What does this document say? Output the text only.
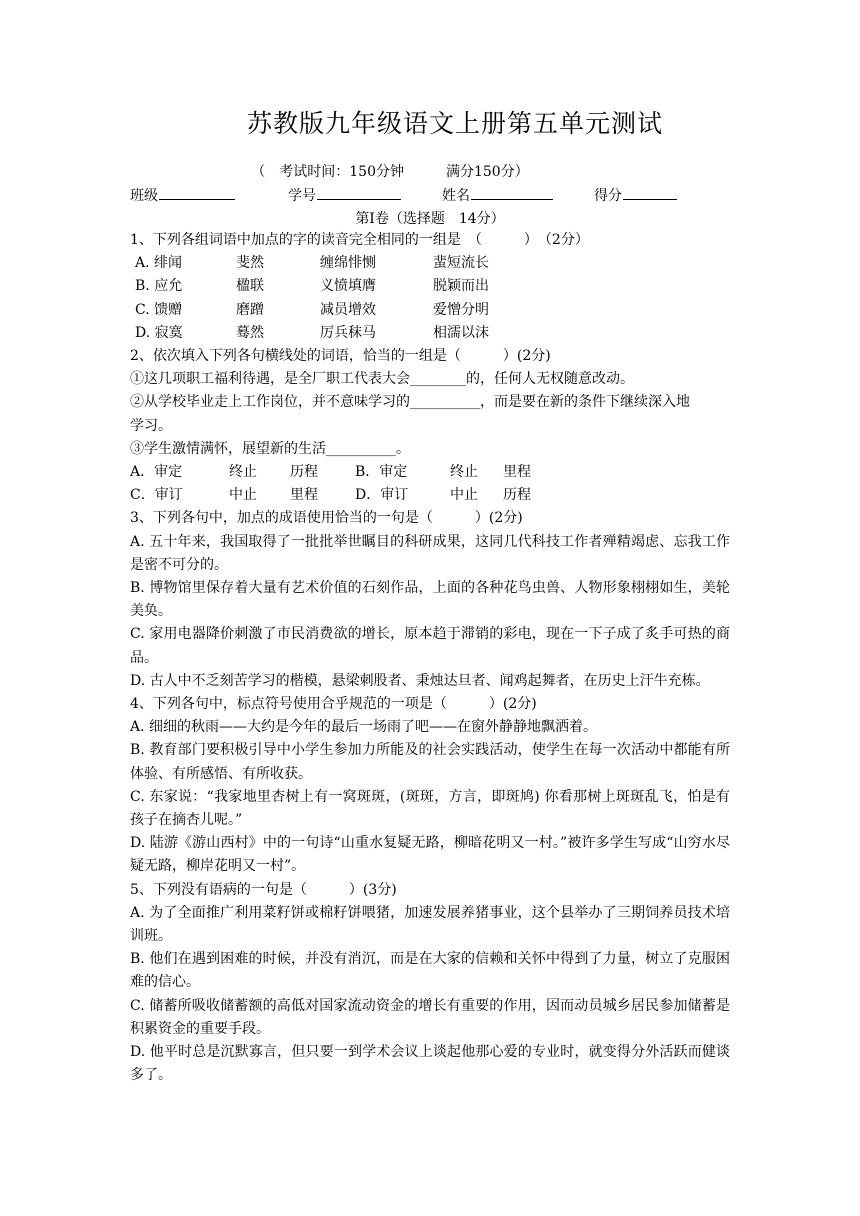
苏教版九年级语文上册第五单元测试
（　考试时间：150分钟　　　满分150分）
班级	学号	姓名	得分
第Ⅰ卷（选择题　14分）

1、下列各组词语中加点的字的读音完全相同的一组是　（　　　）　（2分）

A. 绯闻	斐然	缠绵悱恻	蜚短流长
B. 应允	楹联	义愤填膺	脱颖而出
C. 馈赠	磨蹭	减员增效	爱憎分明
D. 寂寞	蓦然	厉兵秣马	相濡以沫

2、依次填入下列各句横线处的词语，恰当的一组是（　　　）(2分)

①这几项职工福利待遇，是全厂职工代表大会________的，任何人无权随意改动。

②从学校毕业走上工作岗位，并不意味学习的__________，而是要在新的条件下继续深入地

学习。

③学生激情满怀，展望新的生活__________。

A．审定	终止 历程	B．审定	终止 里程
C．审订	中止 里程	D．审订	中止 历程

3、下列各句中，加点的成语使用恰当的一句是（　　　）(2分)

A. 五十年来，我国取得了一批批举世瞩目的科研成果，这同几代科技工作者殚精竭虑、忘我工作是密不可分的。

B. 博物馆里保存着大量有艺术价值的石刻作品，上面的各种花鸟虫兽、人物形象栩栩如生，美轮美奂。

C. 家用电器降价刺激了市民消费欲的增长，原本趋于滞销的彩电，现在一下子成了炙手可热的商品。

D. 古人中不乏刻苦学习的楷模，悬梁刺股者、秉烛达旦者、闻鸡起舞者，在历史上汗牛充栋。

4、下列各句中，标点符号使用合乎规范的一项是（　　　）(2分)

A. 细细的秋雨——大约是今年的最后一场雨了吧——在窗外静静地飘洒着。

B. 教育部门要积极引导中小学生参加力所能及的社会实践活动，使学生在每一次活动中都能有所体验、有所感悟、有所收获。

C. 东家说：“我家地里杏树上有一窝斑斑，(斑斑，方言，即斑鸠) 你看那树上斑斑乱飞，怕是有孩子在摘杏儿呢。”

D. 陆游《游山西村》中的一句诗“山重水复疑无路，柳暗花明又一村。”被许多学生写成“山穷水尽疑无路，柳岸花明又一村”。

5、下列没有语病的一句是（　　　）(3分)

A. 为了全面推广利用菜籽饼或棉籽饼喂猪，加速发展养猪事业，这个县举办了三期饲养员技术培训班。

B. 他们在遇到困难的时候，并没有消沉，而是在大家的信赖和关怀中得到了力量，树立了克服困难的信心。

C. 储蓄所吸收储蓄额的高低对国家流动资金的增长有重要的作用，因而动员城乡居民参加储蓄是积累资金的重要手段。

D. 他平时总是沉默寡言，但只要一到学术会议上谈起他那心爱的专业时，就变得分外活跃而健谈多了。
